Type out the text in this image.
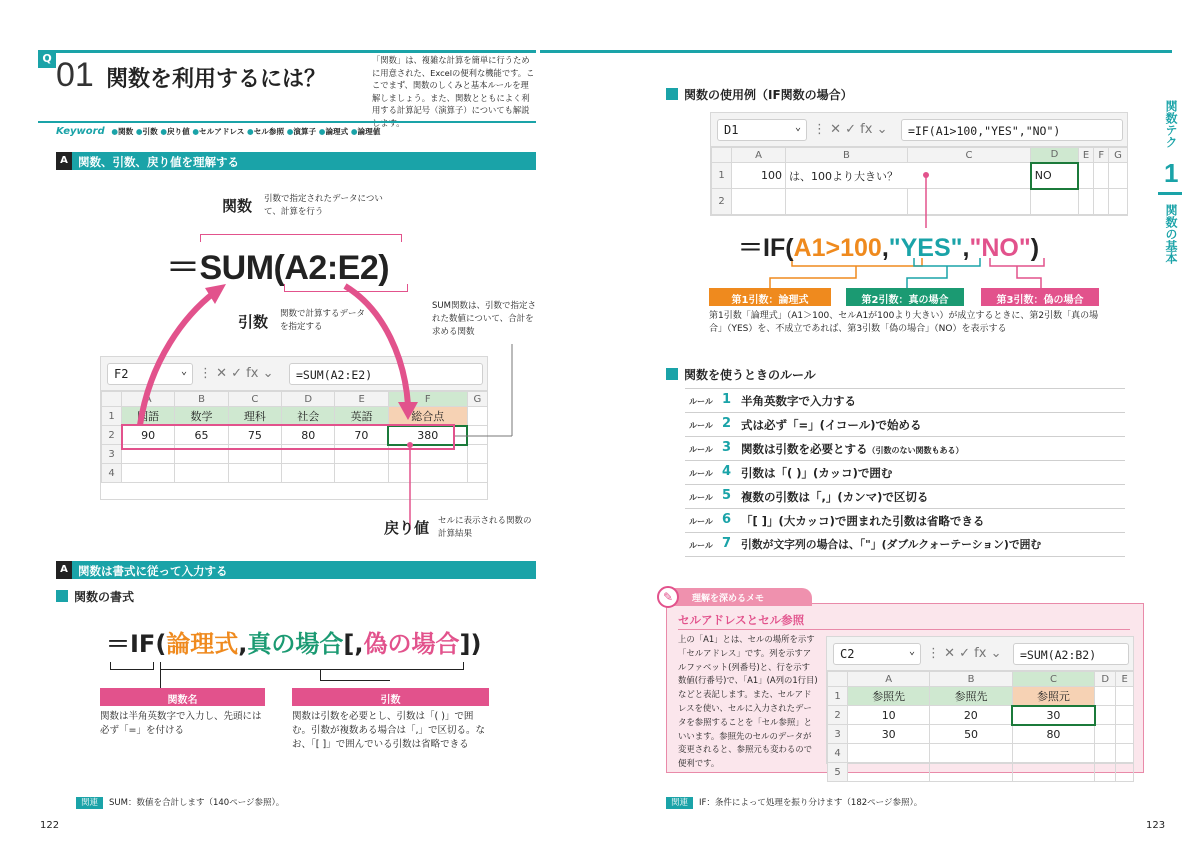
Q 01 関数を利用するには？
「関数」は、複雑な計算を簡単に行うために用意された、Excelの便利な機能です。ここでまず、関数のしくみと基本ルールを理解しましょう。また、関数とともによく利用する計算記号（演算子）についても解説
Keyword ●関数 ●引数 ●戻り値 ●セルアドレス ●セル参照 ●演算子 ●論理式 ●論理値
A 関数、引数、戻り値を理解する
関数 引数で指定されたデータについて、計算を行う
＝SUM(A2:E2)
引数 関数で計算するデータを指定する
SUM関数は、引数で指定された数値について、合計を求める関数
F2	⌄ ⋮ ✕ ✓ fx ⌄	=SUM(A2:E2)
	A	B	C	D	E	F	G
1	国語	数学	理科	社会	英語	総合点	
2	90	65	75	80	70	380	
3							
4							
戻り値 セルに表示される関数の計算結果
A 関数は書式に従って入力する
関数の書式
＝IF(論理式,真の場合[,偽の場合])
関数名
関数は半角英数字で入力し、先頭には必ず「=」を付ける
引数
関数は引数を必要とし、引数は「( )」で囲む。引数が複数ある場合は「,」で区切る。なお、「[ ]」で囲んでいる引数は省略できる
関連 SUM：数値を合計します（140ページ参照）。
122
関数の使用例（IF関数の場合）
D1	⌄ ⋮ ✕ ✓ fx ⌄	=IF(A1>100,"YES","NO")
	A	B	C	D	E	F	G
1	100	は、100より大きい？		NO			
2							
＝IF(A1>100,"YES","NO")
第1引数：論理式	第2引数：真の場合	第3引数：偽の場合
第1引数「論理式」（A1＞100、セルA1が100より大きい）が成立するときに、第2引数「真の場合」（YES）を、不成立であれば、第3引数「偽の場合」（NO）を表示する
関数を使うときのルール
ルール 1 半角英数字で入力する
ルール 2 式は必ず「=」(イコール)で始める
ルール 3 関数は引数を必要とする（引数のない関数もある）
ルール 4 引数は「( )」(カッコ)で囲む
ルール 5 複数の引数は「,」(カンマ)で区切る
ルール 6 「[ ]」(大カッコ)で囲まれた引数は省略できる
ルール 7 引数が文字列の場合は、「"」(ダブルクォーテーション)で囲む
✎	理解を深めるメモ
セルアドレスとセル参照
上の「A1」とは、セルの場所を示す「セルアドレス」です。列を示すアルファベット(列番号)と、行を示す数値(行番号)で、「A1」(A列の1行目)などと表記します。また、セルアドレスを使い、セルに入力されたデータを参照することを「セル参照」といいます。参照先のセルのデータが変更されると、参照元も変わるので便利です。
C2	⌄ ⋮ ✕ ✓ fx ⌄	=SUM(A2:B2)
	A	B	C	D	E
1	参照先	参照先	参照元		
2	10	20	30		
3	30	50	80		
4					
5					
関連 IF：条件によって処理を振り分けます（182ページ参照）。
123
関数テク
1
関数の基本
